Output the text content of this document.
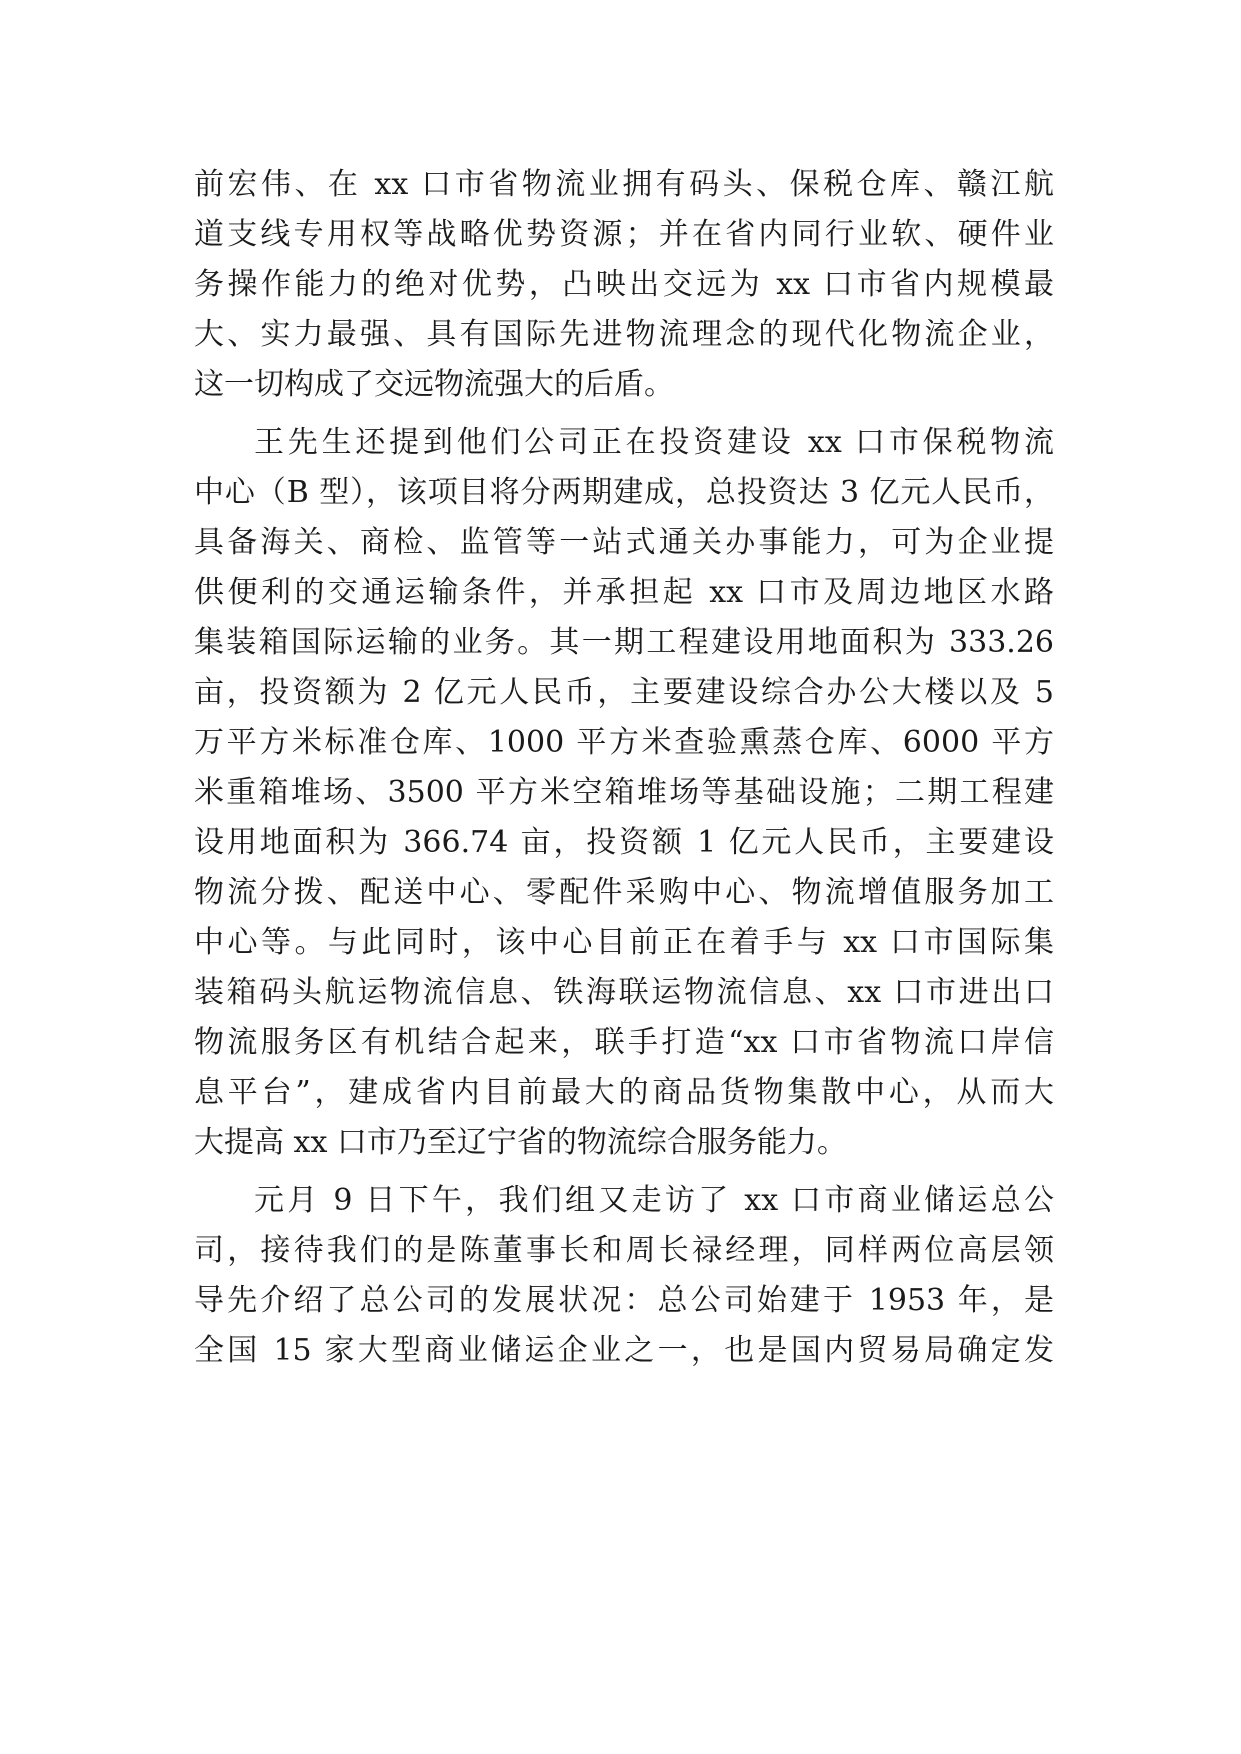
前宏伟、在 xx 口市省物流业拥有码头、保税仓库、赣江航
道支线专用权等战略优势资源；并在省内同行业软、硬件业
务操作能力的绝对优势，凸映出交远为 xx 口市省内规模最
大、实力最强、具有国际先进物流理念的现代化物流企业，
这一切构成了交远物流强大的后盾。
王先生还提到他们公司正在投资建设 xx 口市保税物流
中心（B 型），该项目将分两期建成，总投资达 3 亿元人民币，
具备海关、商检、监管等一站式通关办事能力，可为企业提
供便利的交通运输条件，并承担起 xx 口市及周边地区水路
集装箱国际运输的业务。其一期工程建设用地面积为 333.26
亩，投资额为 2 亿元人民币，主要建设综合办公大楼以及 5
万平方米标准仓库、1000 平方米查验熏蒸仓库、6000 平方
米重箱堆场、3500 平方米空箱堆场等基础设施；二期工程建
设用地面积为 366.74 亩，投资额 1 亿元人民币，主要建设
物流分拨、配送中心、零配件采购中心、物流增值服务加工
中心等。与此同时，该中心目前正在着手与 xx 口市国际集
装箱码头航运物流信息、铁海联运物流信息、xx 口市进出口
物流服务区有机结合起来，联手打造“xx 口市省物流口岸信
息平台”，建成省内目前最大的商品货物集散中心，从而大
大提高 xx 口市乃至辽宁省的物流综合服务能力。
元月 9 日下午，我们组又走访了 xx 口市商业储运总公
司，接待我们的是陈董事长和周长禄经理，同样两位高层领
导先介绍了总公司的发展状况：总公司始建于 1953 年，是
全国 15 家大型商业储运企业之一，也是国内贸易局确定发
